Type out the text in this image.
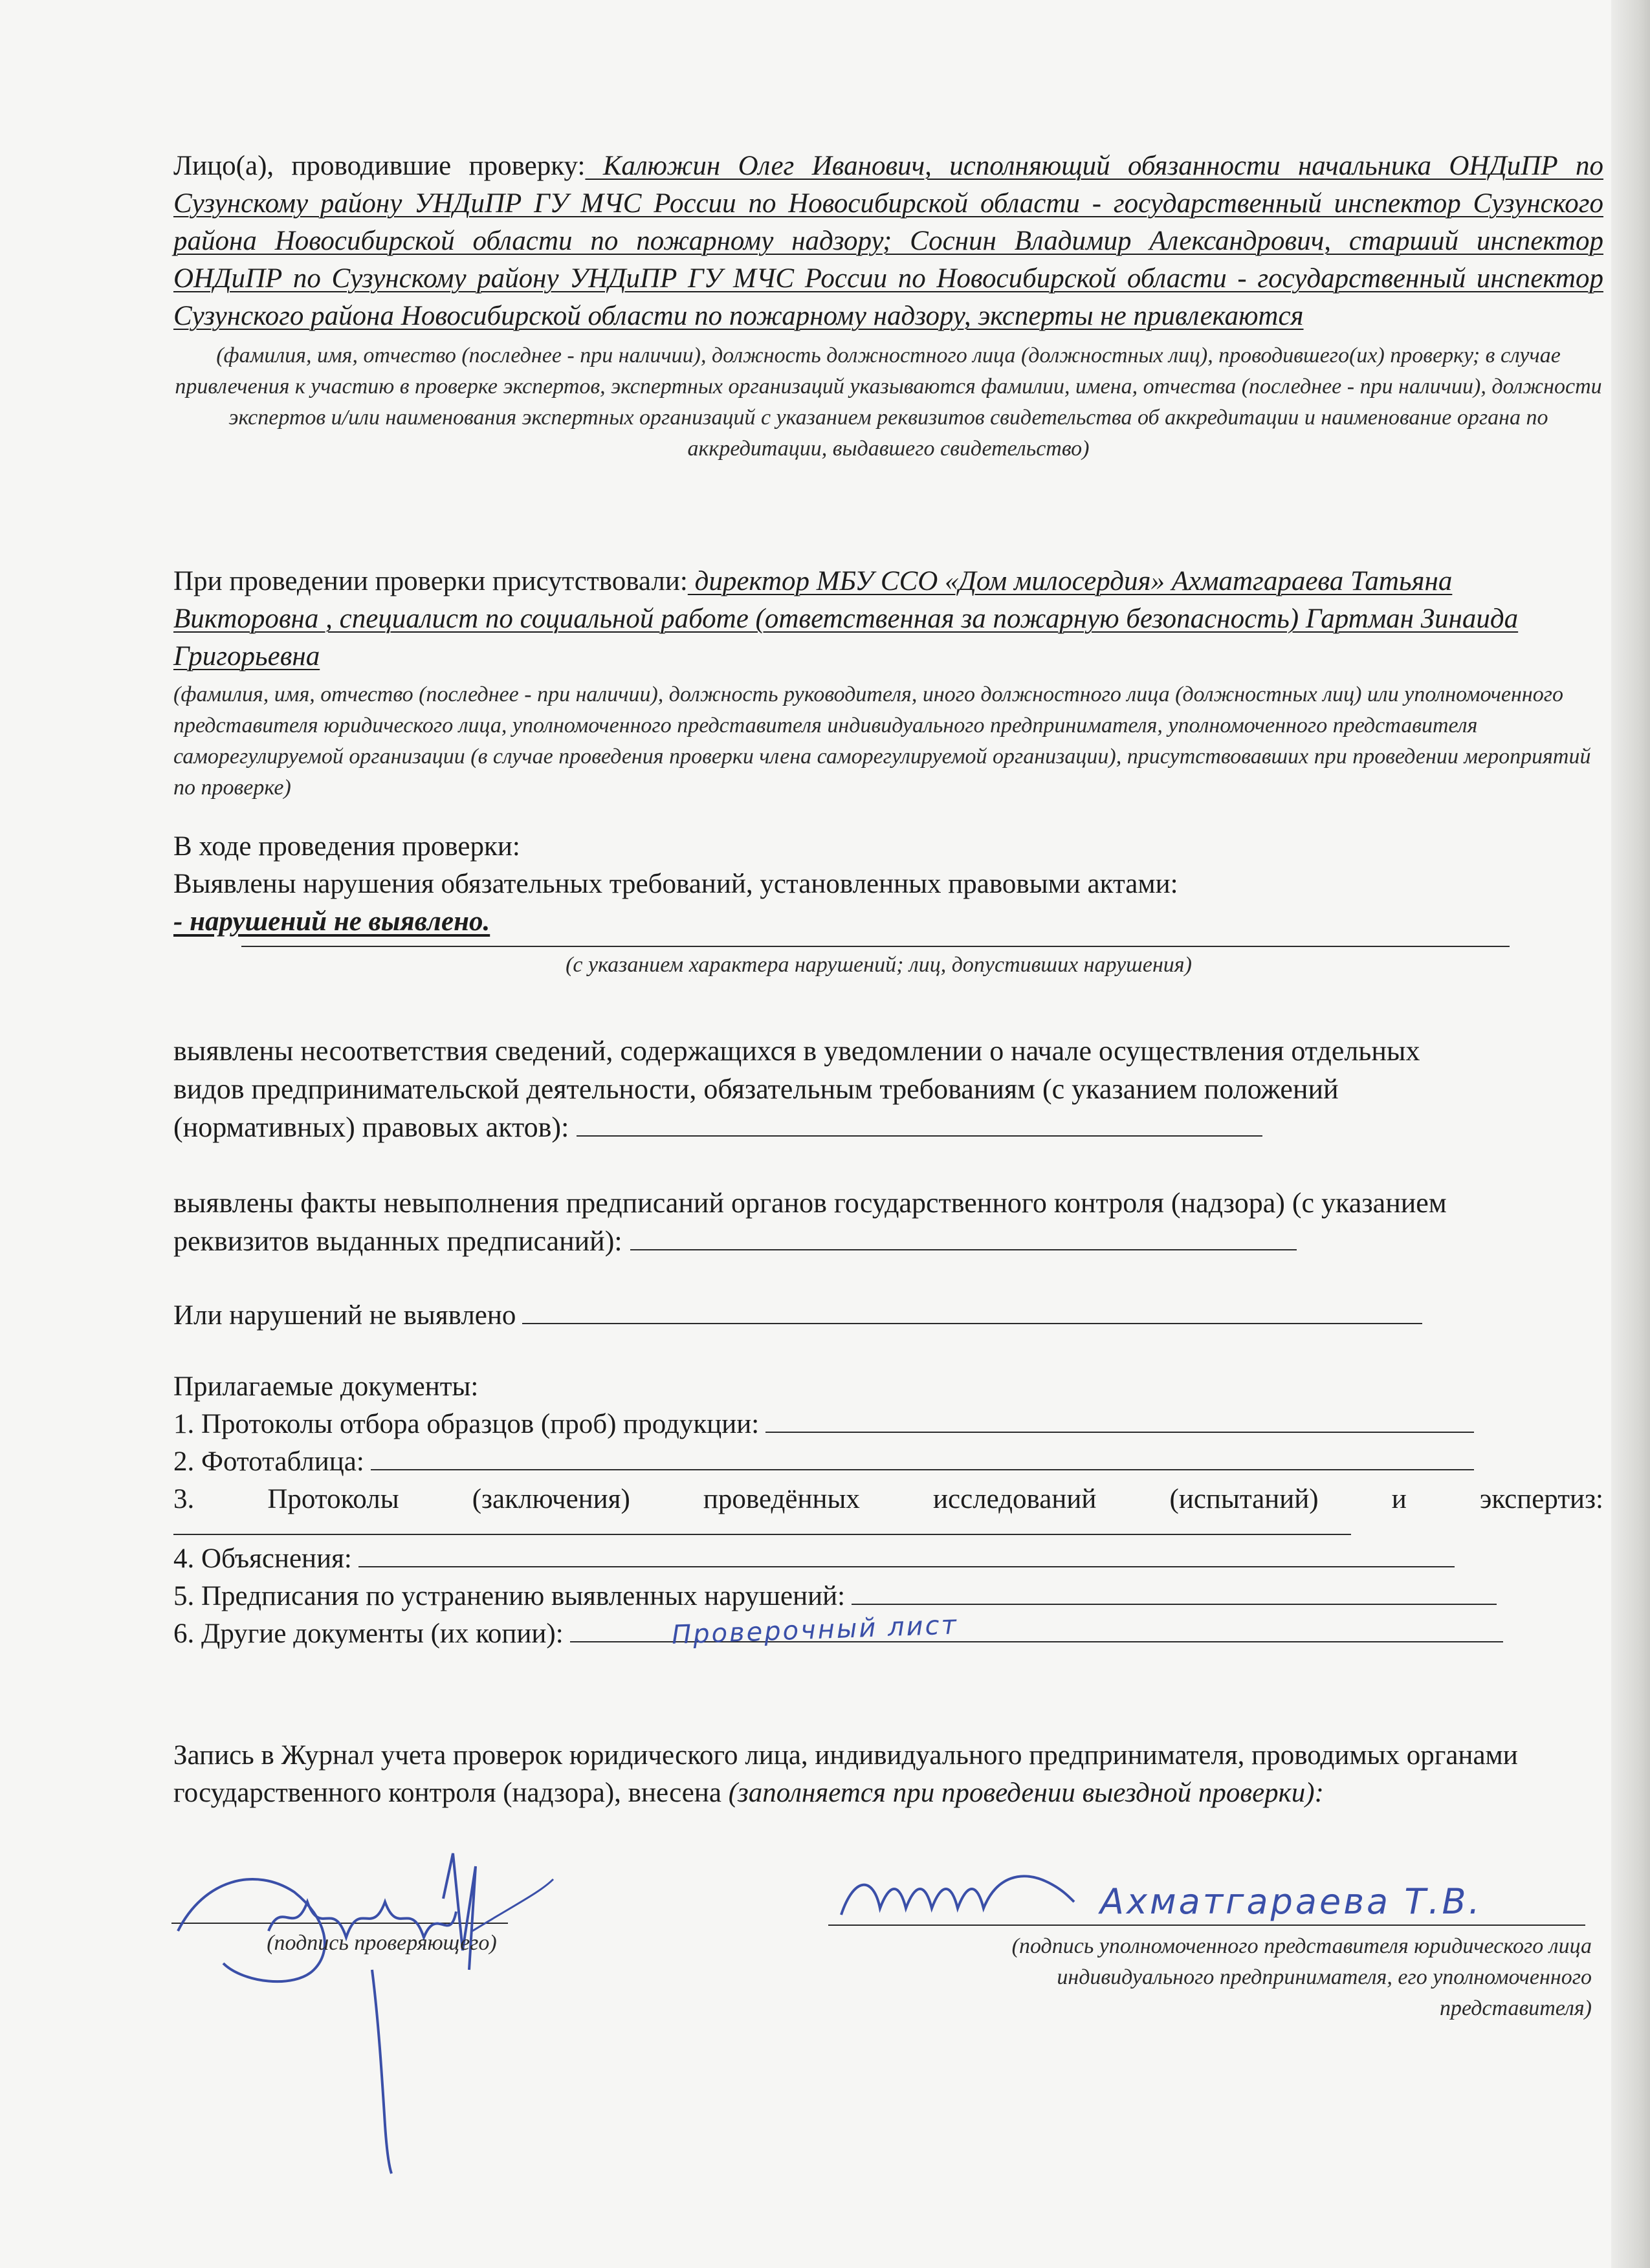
Лицо(а), проводившие проверку: Калюжин Олег Иванович, исполняющий обязанности начальника ОНДиПР по Сузунскому району УНДиПР ГУ МЧС России по Новосибирской области - государственный инспектор Сузунского района Новосибирской области по пожарному надзору; Соснин Владимир Александрович, старший инспектор ОНДиПР по Сузунскому району УНДиПР ГУ МЧС России по Новосибирской области - государственный инспектор Сузунского района Новосибирской области по пожарному надзору, эксперты не привлекаются

(фамилия, имя, отчество (последнее - при наличии), должность должностного лица (должностных лиц), проводившего(их) проверку; в случае привлечения к участию в проверке экспертов, экспертных организаций указываются фамилии, имена, отчества (последнее - при наличии), должности экспертов и/или наименования экспертных организаций с указанием реквизитов свидетельства об аккредитации и наименование органа по аккредитации, выдавшего свидетельство)

При проведении проверки присутствовали: директор МБУ ССО «Дом милосердия» Ахматгараева Татьяна Викторовна , специалист по социальной работе (ответственная за пожарную безопасность) Гартман Зинаида Григорьевна

(фамилия, имя, отчество (последнее - при наличии), должность руководителя, иного должностного лица (должностных лиц) или уполномоченного представителя юридического лица, уполномоченного представителя индивидуального предпринимателя, уполномоченного представителя саморегулируемой организации (в случае проведения проверки члена саморегулируемой организации), присутствовавших при проведении мероприятий по проверке)

В ходе проведения проверки:

Выявлены нарушения обязательных требований, установленных правовыми актами:

- нарушений не выявлено.

(с указанием характера нарушений; лиц, допустивших нарушения)

выявлены несоответствия сведений, содержащихся в уведомлении о начале осуществления отдельных видов предпринимательской деятельности, обязательным требованиям (с указанием положений (нормативных) правовых актов):

выявлены факты невыполнения предписаний органов государственного контроля (надзора) (с указанием реквизитов выданных предписаний):

Или нарушений не выявлено

Прилагаемые документы:

1. Протоколы отбора образцов (проб) продукции:
2. Фототаблица:

3. Протоколы (заключения) проведённых исследований (испытаний) и экспертиз:

4. Объяснения:
5. Предписания по устранению выявленных нарушений:
6. Другие документы (их копии):	Проверочный лист

Запись в Журнал учета проверок юридического лица, индивидуального предпринимателя, проводимых органами государственного контроля (надзора), внесена (заполняется при проведении выездной проверки):

(подпись проверяющего)

Ахматгараева Т.В.

(подпись уполномоченного представителя юридического лица индивидуального предпринимателя, его уполномоченного представителя)
